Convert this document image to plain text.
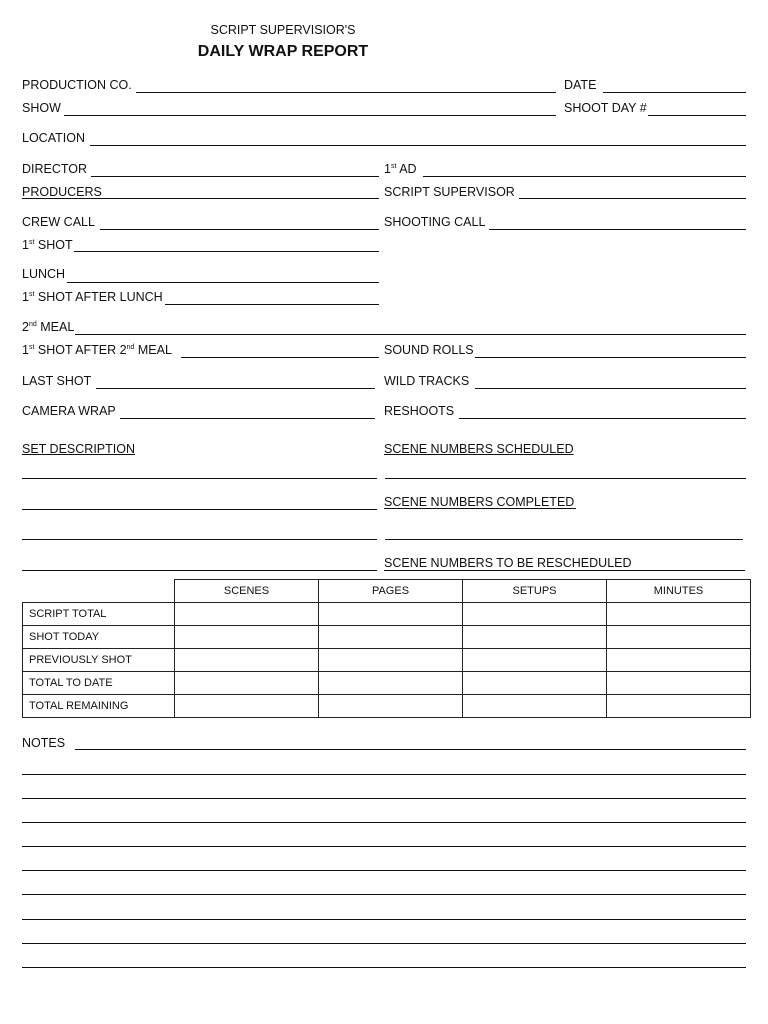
SCRIPT SUPERVISIOR'S
DAILY WRAP REPORT
PRODUCTION CO.	DATE
SHOW	SHOOT DAY #
LOCATION
DIRECTOR	1st AD
PRODUCERS	SCRIPT SUPERVISOR
CREW CALL	SHOOTING CALL
1st SHOT
LUNCH
1st SHOT AFTER LUNCH
2nd MEAL
1st SHOT AFTER 2nd MEAL	SOUND ROLLS
LAST SHOT	WILD TRACKS
CAMERA WRAP	RESHOOTS
SET DESCRIPTION	SCENE NUMBERS SCHEDULED
SCENE NUMBERS COMPLETED
SCENE NUMBERS TO BE RESCHEDULED
	SCENES	PAGES	SETUPS	MINUTES
SCRIPT TOTAL				
SHOT TODAY				
PREVIOUSLY SHOT				
TOTAL TO DATE				
TOTAL REMAINING				
NOTES
